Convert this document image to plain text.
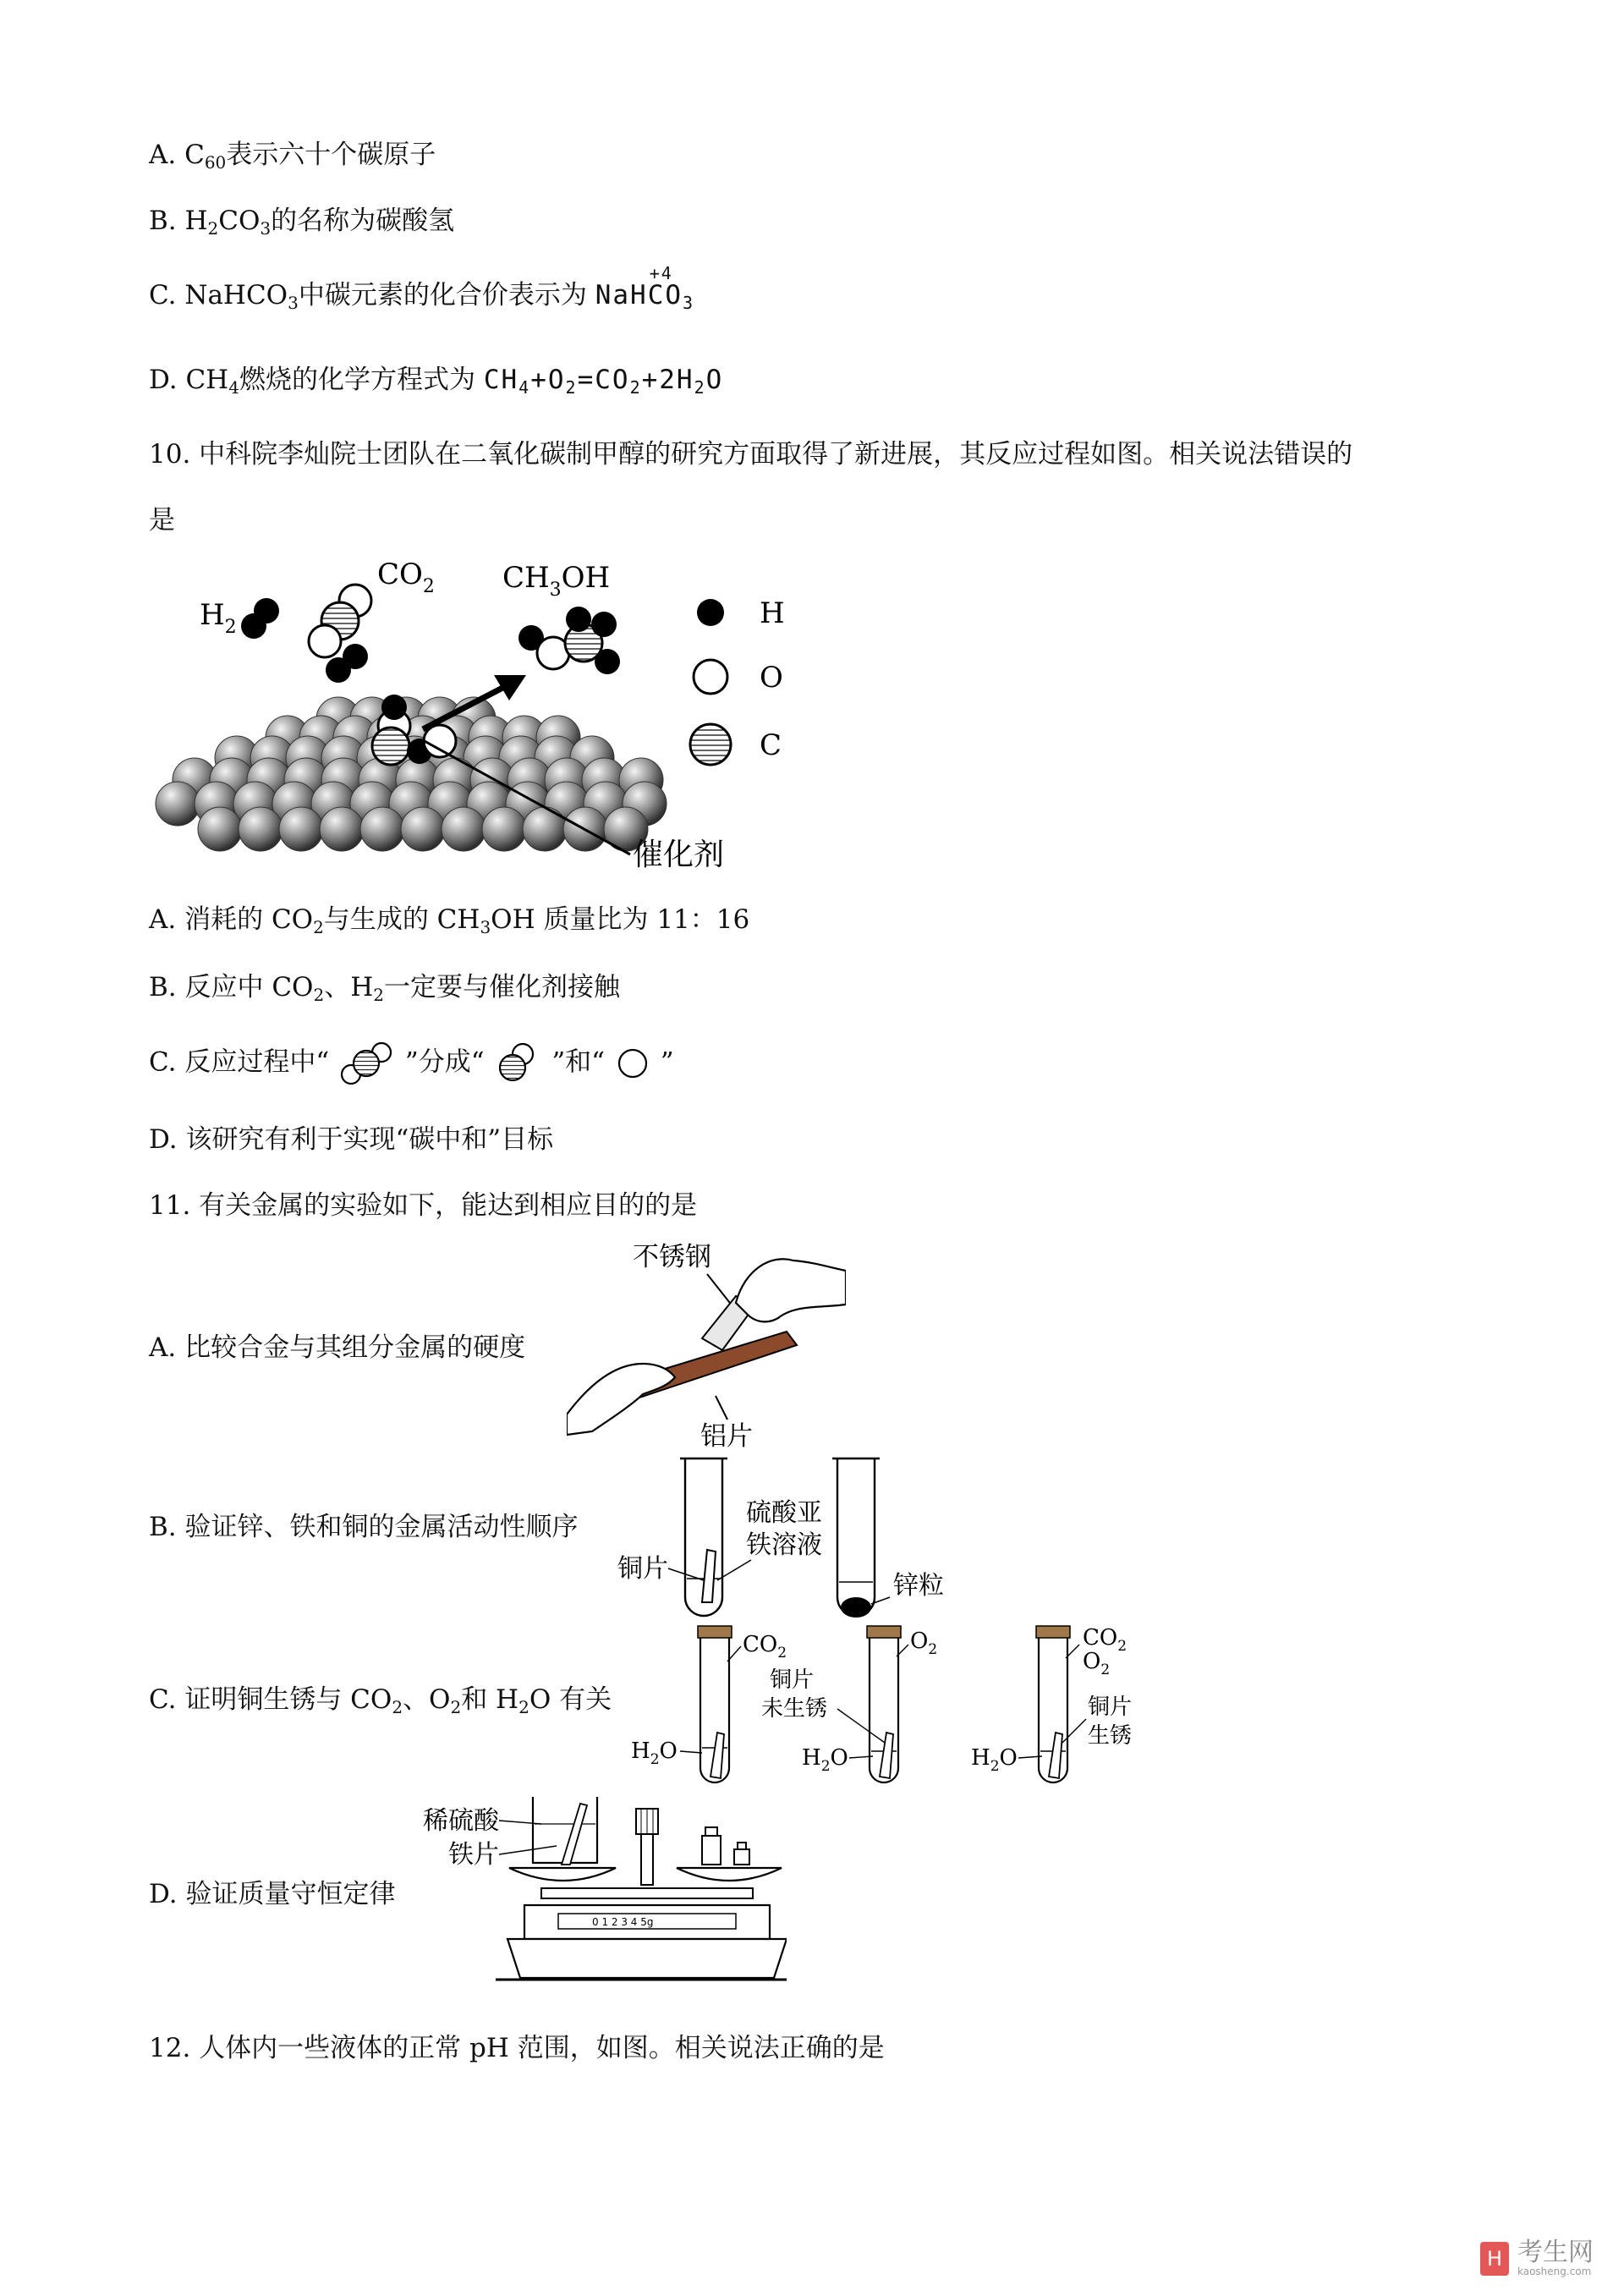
A. $C_{60}$表示六十个碳原子
B. $H_2CO_3$的名称为碳酸氢
C. NaHCO$_3$中碳元素的化合价表示为 NaH
+4
$CO_3$
D. $CH_4$燃烧的化学方程式为 $CH_4+O_2=CO_2+2H_2O$
10. 中科院李灿院士团队在二氧化碳制甲醇的研究方面取得了新进展，其反应过程如图。相关说法错误的
是
$H_2$
$CO_2$ $CH_3OH$
催化剂
H
O
C
A. 消耗的 $CO_2$与生成的 $CH_3OH$ 质量比为 11：16
B. 反应中 $CO_2$、$H_2$一定要与催化剂接触
C. 反应过程中“	”分成“	”和“ ”
D. 该研究有利于实现“碳中和”目标
11. 有关金属的实验如下，能达到相应目的的是
A. 比较合金与其组分金属的硬度
不锈钢
铝片
B. 验证锌、铁和铜的金属活动性顺序
铜片
硫酸亚
铁溶液
锌粒
C. 证明铜生锈与 $CO_2$、$O_2$和 $H_2O$ 有关
$CO_2$
$H_2O$
$O_2$
铜片
未生锈
$H_2O$
$CO_2$
$O_2$
铜片
生锈
$H_2O$
D. 验证质量守恒定律
稀硫酸
铁片
0 1 2 3 4 5g
12. 人体内一些液体的正常 pH 范围，如图。相关说法正确的是
H 考生网
kaosheng.com
